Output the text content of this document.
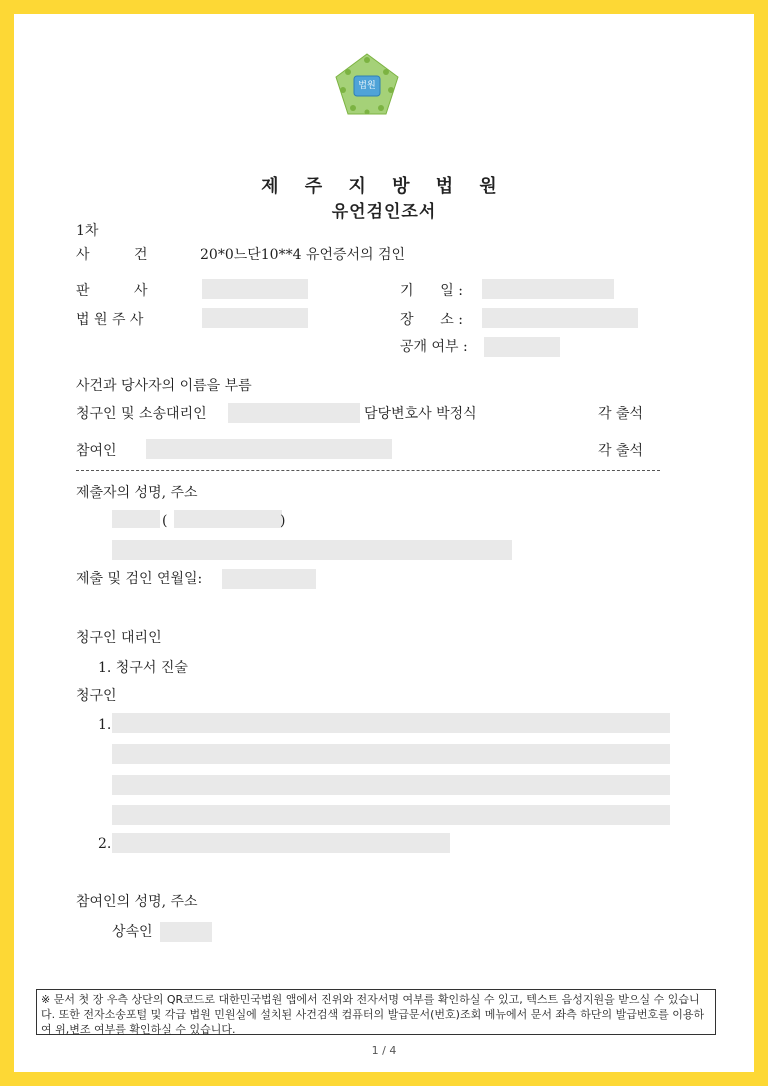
법원
제 주 지 방 법 원
유언검인조서
1차
사          건	20*0느단10**4 유언증서의 검인
판          사	기      일 :
법 원 주 사	장      소 :
공개 여부 :
사건과 당사자의 이름을 부름
청구인 및 소송대리인	담당변호사 박정식	각 출석
참여인	각 출석
제출자의 성명, 주소
(	)
제출 및 검인 연월일:
청구인 대리인
1. 청구서 진술
청구인
1.
2.
참여인의 성명, 주소
상속인
※ 문서 첫 장 우측 상단의 QR코드로 대한민국법원 앱에서 진위와 전자서명 여부를 확인하실 수 있고, 텍스트 음성지원을 받으실 수 있습니다. 또한 전자소송포털 및 각급 법원 민원실에 설치된 사건검색 컴퓨터의 발급문서(번호)조회 메뉴에서 문서 좌측 하단의 발급번호를 이용하여 위,변조 여부를 확인하실 수 있습니다.
1 / 4
